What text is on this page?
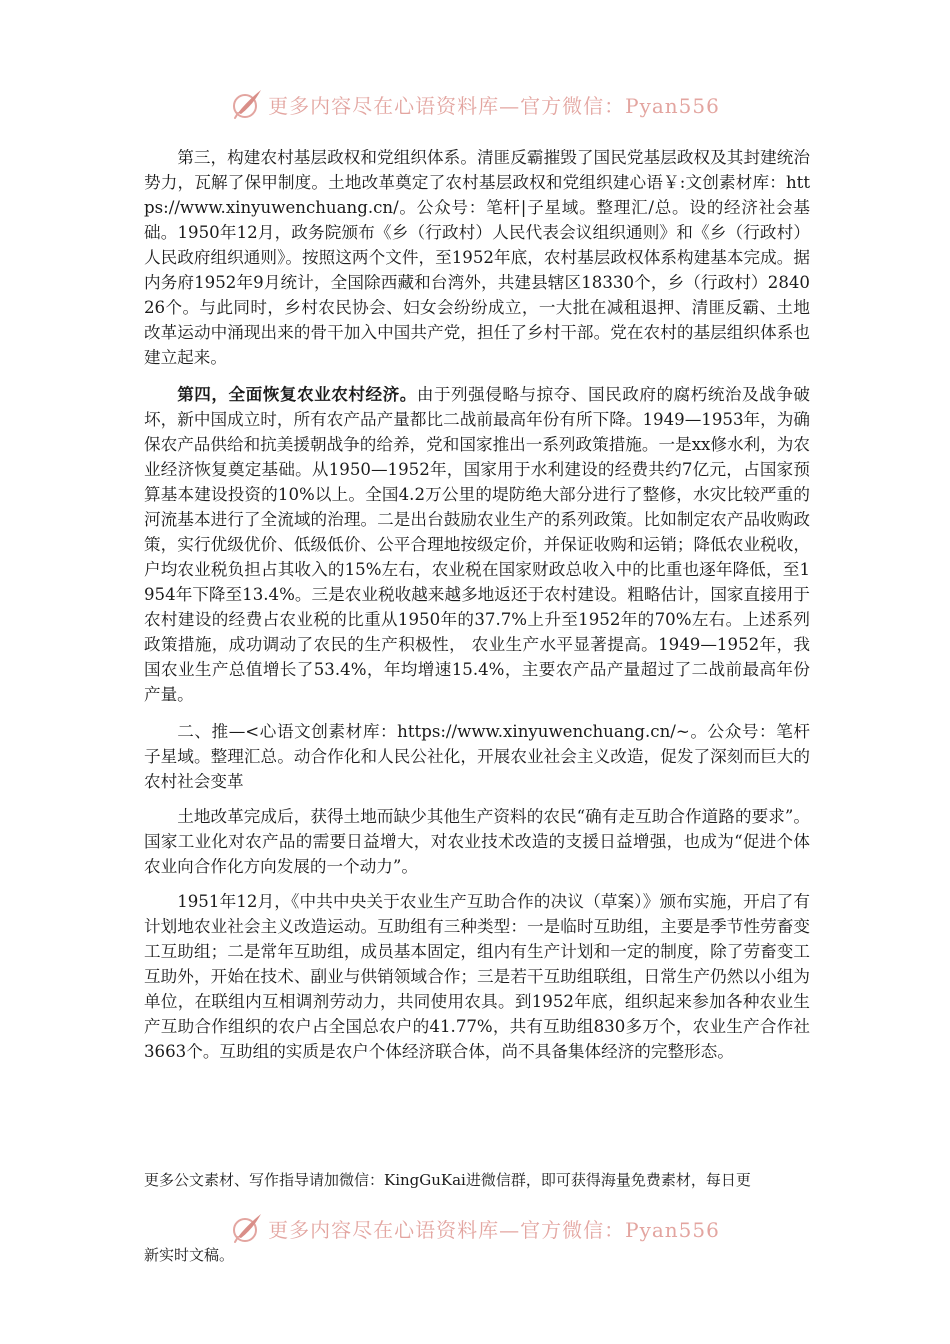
更多内容尽在心语资料库—官方微信：Pyan556

第三，构建农村基层政权和党组织体系。清匪反霸摧毁了国民党基层政权及其封建统治势力，瓦解了保甲制度。土地改革奠定了农村基层政权和党组织建心语￥:文创素材库：https://www.xinyuwenchuang.cn/。公众号：笔杆|子星域。整理汇/总。设的经济社会基础。1950年12月，政务院颁布《乡（行政村）人民代表会议组织通则》和《乡（行政村）人民政府组织通则》。按照这两个文件，至1952年底，农村基层政权体系构建基本完成。据内务府1952年9月统计，全国除西藏和台湾外，共建县辖区18330个，乡（行政村）284026个。与此同时，乡村农民协会、妇女会纷纷成立，一大批在减租退押、清匪反霸、土地改革运动中涌现出来的骨干加入中国共产党，担任了乡村干部。党在农村的基层组织体系也建立起来。

第四，全面恢复农业农村经济。由于列强侵略与掠夺、国民政府的腐朽统治及战争破坏，新中国成立时，所有农产品产量都比二战前最高年份有所下降。1949—1953年，为确保农产品供给和抗美援朝战争的给养，党和国家推出一系列政策措施。一是xx修水利，为农业经济恢复奠定基础。从1950—1952年，国家用于水利建设的经费共约7亿元，占国家预算基本建设投资的10%以上。全国4.2万公里的堤防绝大部分进行了整修，水灾比较严重的河流基本进行了全流域的治理。二是出台鼓励农业生产的系列政策。比如制定农产品收购政策，实行优级优价、低级低价、公平合理地按级定价，并保证收购和运销；降低农业税收，户均农业税负担占其收入的15%左右，农业税在国家财政总收入中的比重也逐年降低，至1954年下降至13.4%。三是农业税收越来越多地返还于农村建设。粗略估计，国家直接用于农村建设的经费占农业税的比重从1950年的37.7%上升至1952年的70%左右。上述系列政策措施，成功调动了农民的生产积极性， 农业生产水平显著提高。1949—1952年，我国农业生产总值增长了53.4%，年均增速15.4%，主要农产品产量超过了二战前最高年份产量。

二、推—<心语文创素材库：https://www.xinyuwenchuang.cn/~。公众号：笔杆子星域。整理汇总。动合作化和人民公社化，开展农业社会主义改造，促发了深刻而巨大的农村社会变革

土地改革完成后，获得土地而缺少其他生产资料的农民“确有走互助合作道路的要求”。国家工业化对农产品的需要日益增大，对农业技术改造的支援日益增强，也成为“促进个体农业向合作化方向发展的一个动力”。

1951年12月，《中共中央关于农业生产互助合作的决议（草案）》颁布实施，开启了有计划地农业社会主义改造运动。互助组有三种类型：一是临时互助组，主要是季节性劳畜变工互助组；二是常年互助组，成员基本固定，组内有生产计划和一定的制度，除了劳畜变工互助外，开始在技术、副业与供销领域合作；三是若干互助组联组，日常生产仍然以小组为单位，在联组内互相调剂劳动力，共同使用农具。到1952年底，组织起来参加各种农业生产互助合作组织的农户占全国总农户的41.77%，共有互助组830多万个，农业生产合作社3663个。互助组的实质是农户个体经济联合体，尚不具备集体经济的完整形态。

更多公文素材、写作指导请加微信：KingGuKai进微信群，即可获得海量免费素材，每日更
更多内容尽在心语资料库—官方微信：Pyan556
新实时文稿。
